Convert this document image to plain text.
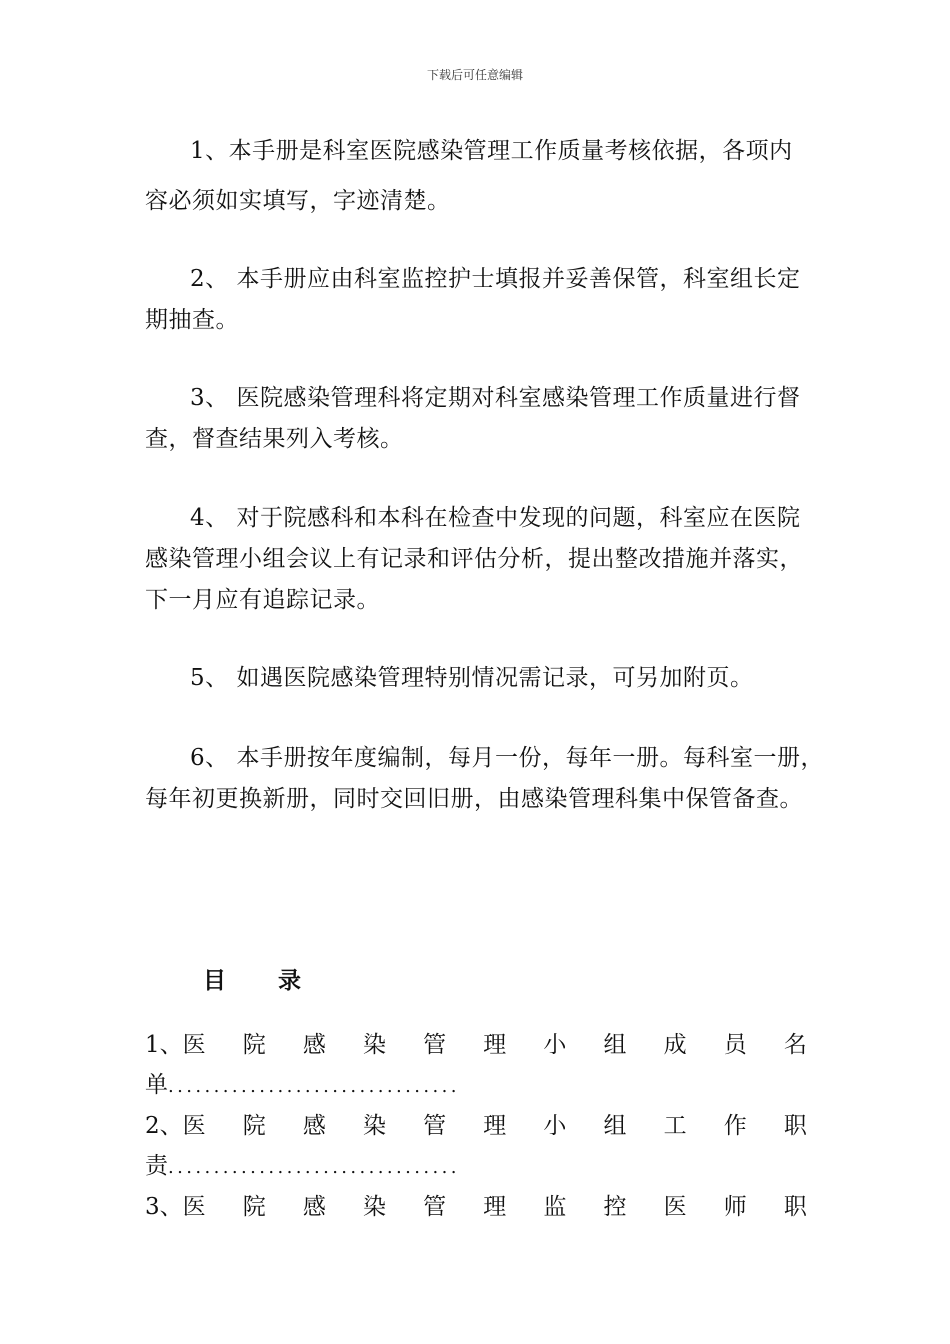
下载后可任意编辑
1、本手册是科室医院感染管理工作质量考核依据，各项内
容必须如实填写，字迹清楚。
2、 本手册应由科室监控护士填报并妥善保管，科室组长定
期抽查。
3、 医院感染管理科将定期对科室感染管理工作质量进行督
查，督查结果列入考核。
4、 对于院感科和本科在检查中发现的问题，科室应在医院
感染管理小组会议上有记录和评估分析，提出整改措施并落实，
下一月应有追踪记录。
5、 如遇医院感染管理特别情况需记录，可另加附页。
6、 本手册按年度编制，每月一份，每年一册。每科室一册，
每年初更换新册，同时交回旧册，由感染管理科集中保管备查。
目 录
1、医 院 感 染 管 理 小 组 成 员 名
单................................
2、医 院 感 染 管 理 小 组 工 作 职
责................................
3、医 院 感 染 管 理 监 控 医 师 职
